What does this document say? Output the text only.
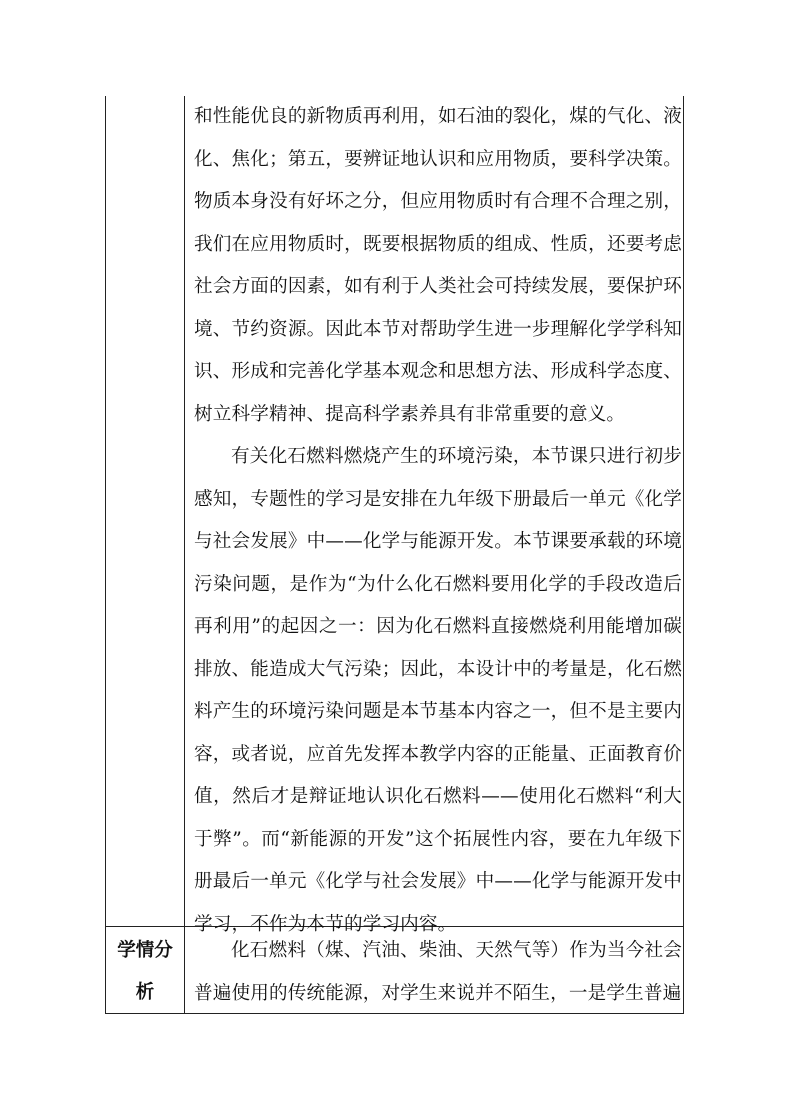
和性能优良的新物质再利用，如石油的裂化，煤的气化、液化、焦化；第五，要辨证地认识和应用物质，要科学决策。物质本身没有好坏之分，但应用物质时有合理不合理之别，我们在应用物质时，既要根据物质的组成、性质，还要考虑社会方面的因素，如有利于人类社会可持续发展，要保护环境、节约资源。因此本节对帮助学生进一步理解化学学科知识、形成和完善化学基本观念和思想方法、形成科学态度、树立科学精神、提高科学素养具有非常重要的意义。

有关化石燃料燃烧产生的环境污染，本节课只进行初步感知，专题性的学习是安排在九年级下册最后一单元《化学与社会发展》中——化学与能源开发。本节课要承载的环境污染问题，是作为“为什么化石燃料要用化学的手段改造后再利用”的起因之一：因为化石燃料直接燃烧利用能增加碳排放、能造成大气污染；因此，本设计中的考量是，化石燃料产生的环境污染问题是本节基本内容之一，但不是主要内容，或者说，应首先发挥本教学内容的正能量、正面教育价值，然后才是辩证地认识化石燃料——使用化石燃料“利大于弊”。而“新能源的开发”这个拓展性内容，要在九年级下册最后一单元《化学与社会发展》中——化学与能源开发中学习，不作为本节的学习内容。

学情分
析

化石燃料（煤、汽油、柴油、天然气等）作为当今社会普遍使用的传统能源，对学生来说并不陌生，一是学生普遍
